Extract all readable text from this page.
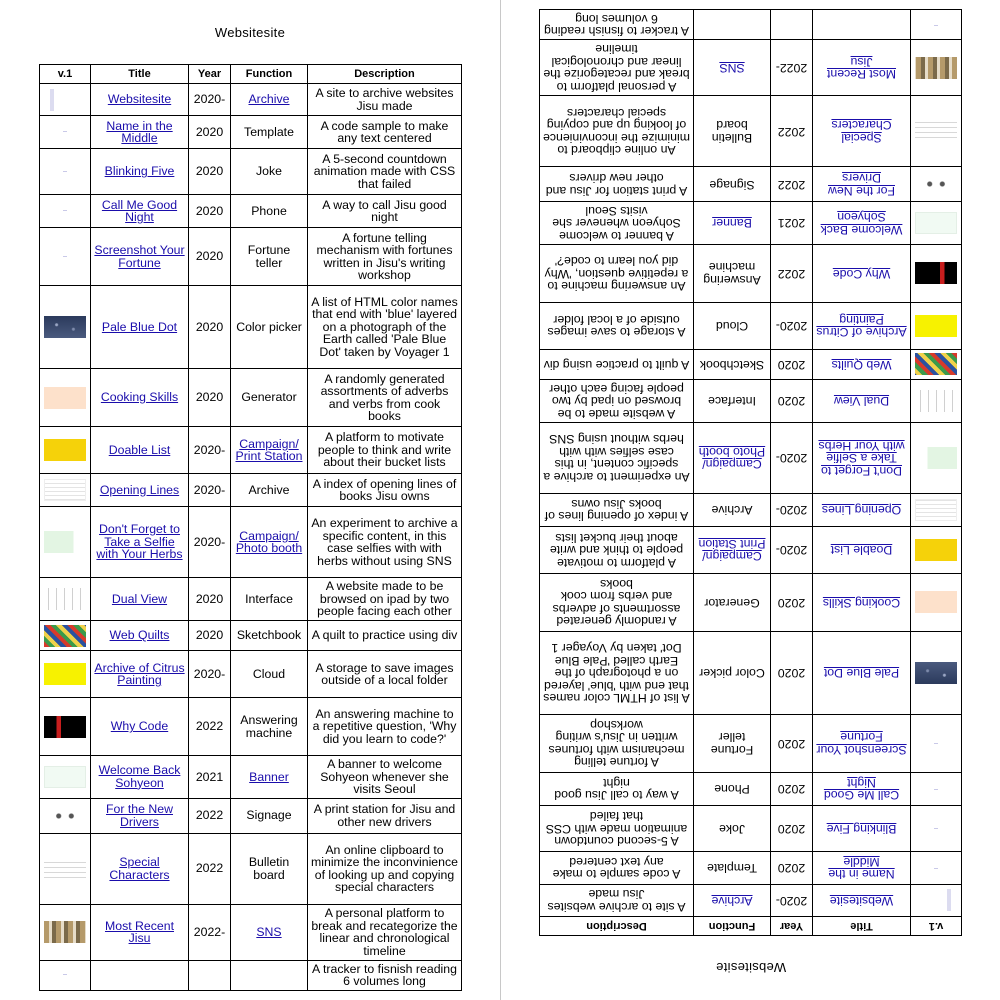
Websitesite
v.1	Title	Year	Function	Description

	Websitesite	2020-	Archive	A site to archive websites Jisu made

	Name in the Middle	2020	Template	A code sample to make any text centered

	Blinking Five	2020	Joke	A 5-second countdown animation made with CSS that failed

	Call Me Good Night	2020	Phone	A way to call Jisu good night

	Screenshot Your Fortune	2020	Fortune teller	A fortune telling mechanism with fortunes written in Jisu's writing workshop

	Pale Blue Dot	2020	Color picker	A list of HTML color names that end with 'blue' layered on a photograph of the Earth called 'Pale Blue Dot' taken by Voyager 1

	Cooking Skills	2020	Generator	A randomly generated assortments of adverbs and verbs from cook books

	Doable List	2020-	Campaign/ Print Station	A platform to motivate people to think and write about their bucket lists

	Opening Lines	2020-	Archive	A index of opening lines of books Jisu owns

	Don't Forget to Take a Selfie with Your Herbs	2020-	Campaign/ Photo booth	An experiment to archive a specific content, in this case selfies with with herbs without using SNS

	Dual View	2020	Interface	A website made to be browsed on ipad by two people facing each other

	Web Quilts	2020	Sketchbook	A quilt to practice using div

	Archive of Citrus Painting	2020-	Cloud	A storage to save images outside of a local folder

	Why Code	2022	Answering machine	An answering machine to a repetitive question, 'Why did you learn to code?'

	Welcome Back Sohyeon	2021	Banner	A banner to welcome Sohyeon whenever she visits Seoul

	For the New Drivers	2022	Signage	A print station for Jisu and other new drivers

	Special Characters	2022	Bulletin board	An online clipboard to minimize the inconvinience of looking up and copying special characters

	Most Recent Jisu	2022-	SNS	A personal platform to break and recategorize the linear and chronological timeline

				A tracker to fisnish reading 6 volumes long
Websitesite
v.1	Title	Year	Function	Description

	Websitesite	2020-	Archive	A site to archive websites Jisu made

	Name in the Middle	2020	Template	A code sample to make any text centered

	Blinking Five	2020	Joke	A 5-second countdown animation made with CSS that failed

	Call Me Good Night	2020	Phone	A way to call Jisu good night

	Screenshot Your Fortune	2020	Fortune teller	A fortune telling mechanism with fortunes written in Jisu's writing workshop

	Pale Blue Dot	2020	Color picker	A list of HTML color names that end with 'blue' layered on a photograph of the Earth called 'Pale Blue Dot' taken by Voyager 1

	Cooking Skills	2020	Generator	A randomly generated assortments of adverbs and verbs from cook books

	Doable List	2020-	Campaign/ Print Station	A platform to motivate people to think and write about their bucket lists

	Opening Lines	2020-	Archive	A index of opening lines of books Jisu owns

	Don't Forget to Take a Selfie with Your Herbs	2020-	Campaign/ Photo booth	An experiment to archive a specific content, in this case selfies with with herbs without using SNS

	Dual View	2020	Interface	A website made to be browsed on ipad by two people facing each other

	Web Quilts	2020	Sketchbook	A quilt to practice using div

	Archive of Citrus Painting	2020-	Cloud	A storage to save images outside of a local folder

	Why Code	2022	Answering machine	An answering machine to a repetitive question, 'Why did you learn to code?'

	Welcome Back Sohyeon	2021	Banner	A banner to welcome Sohyeon whenever she visits Seoul

	For the New Drivers	2022	Signage	A print station for Jisu and other new drivers

	Special Characters	2022	Bulletin board	An online clipboard to minimize the inconvinience of looking up and copying special characters

	Most Recent Jisu	2022-	SNS	A personal platform to break and recategorize the linear and chronological timeline

				A tracker to fisnish reading 6 volumes long
